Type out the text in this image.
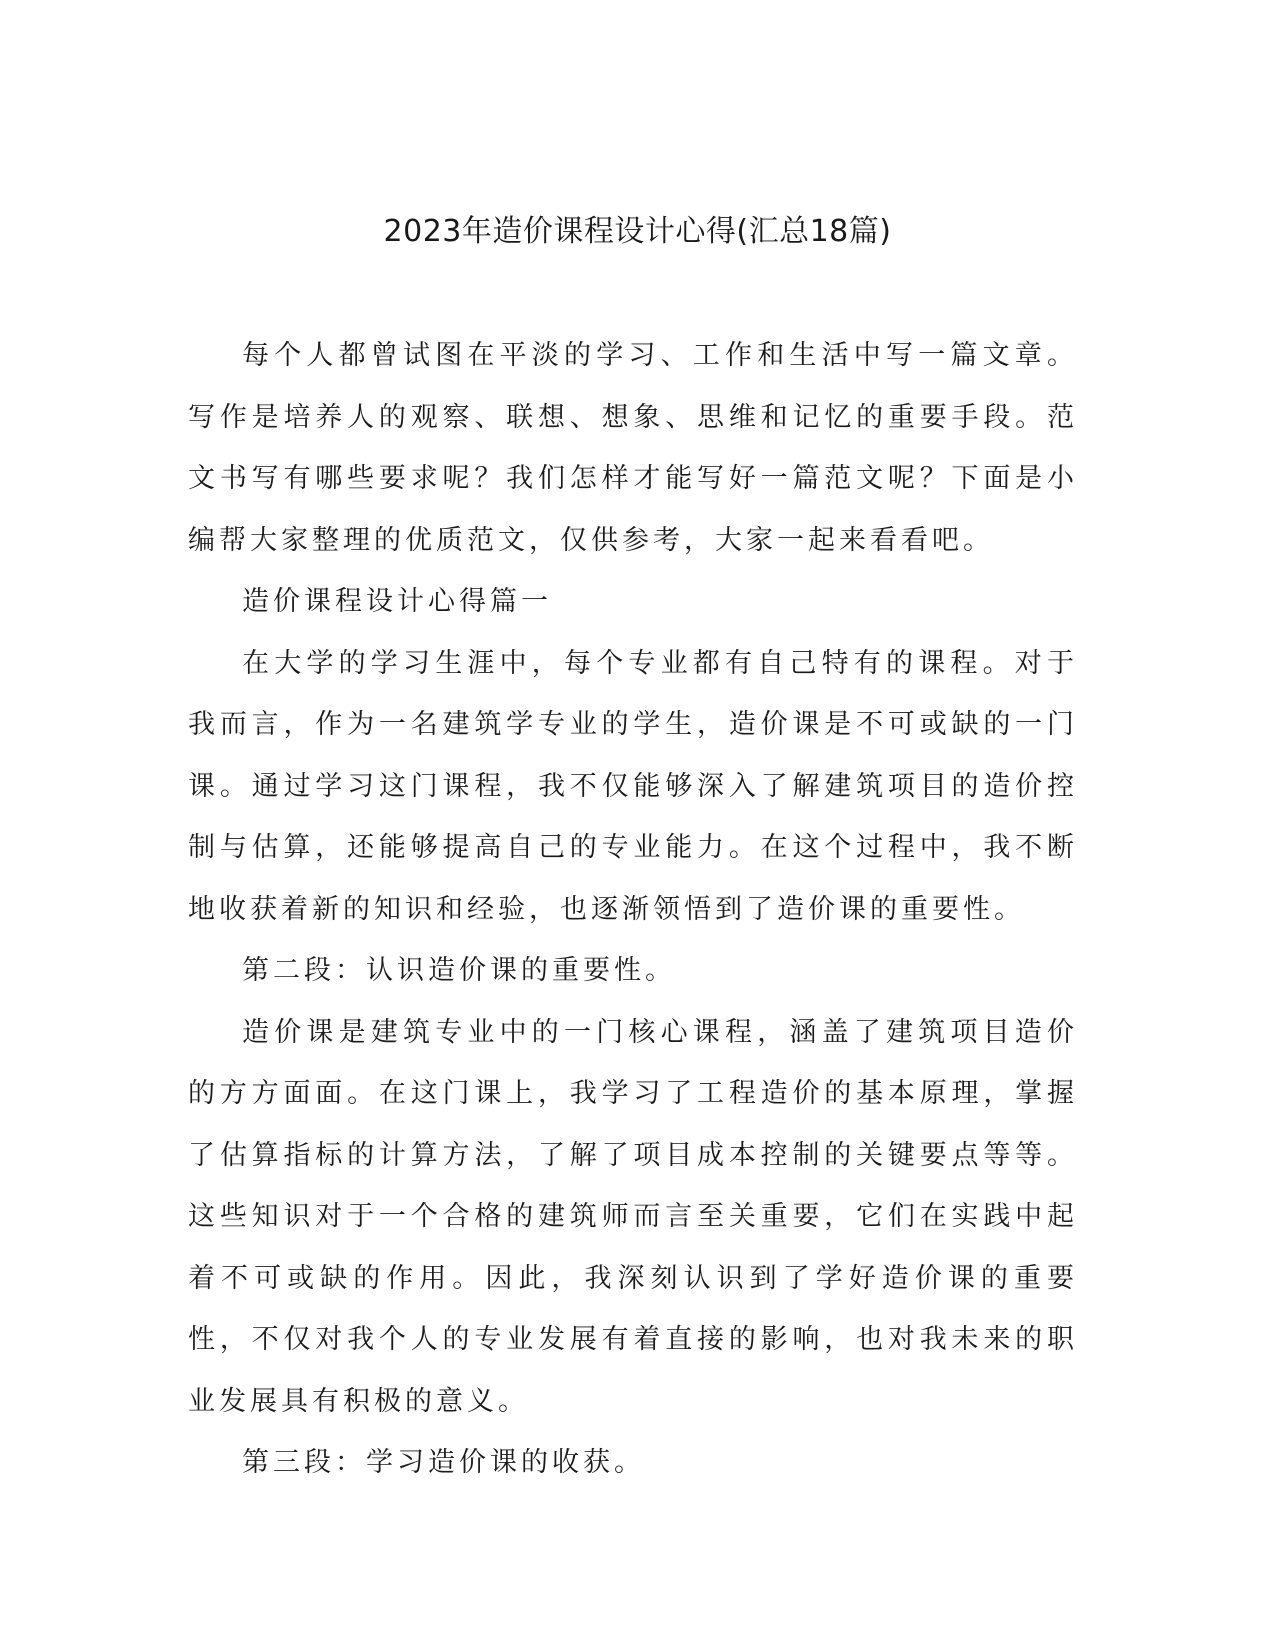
2023年造价课程设计心得(汇总18篇)

每个人都曾试图在平淡的学习、工作和生活中写一篇文章。写作是培养人的观察、联想、想象、思维和记忆的重要手段。范文书写有哪些要求呢？我们怎样才能写好一篇范文呢？下面是小编帮大家整理的优质范文，仅供参考，大家一起来看看吧。

造价课程设计心得篇一

在大学的学习生涯中，每个专业都有自己特有的课程。对于我而言，作为一名建筑学专业的学生，造价课是不可或缺的一门课。通过学习这门课程，我不仅能够深入了解建筑项目的造价控制与估算，还能够提高自己的专业能力。在这个过程中，我不断地收获着新的知识和经验，也逐渐领悟到了造价课的重要性。

第二段：认识造价课的重要性。

造价课是建筑专业中的一门核心课程，涵盖了建筑项目造价的方方面面。在这门课上，我学习了工程造价的基本原理，掌握了估算指标的计算方法，了解了项目成本控制的关键要点等等。这些知识对于一个合格的建筑师而言至关重要，它们在实践中起着不可或缺的作用。因此，我深刻认识到了学好造价课的重要性，不仅对我个人的专业发展有着直接的影响，也对我未来的职业发展具有积极的意义。

第三段：学习造价课的收获。
